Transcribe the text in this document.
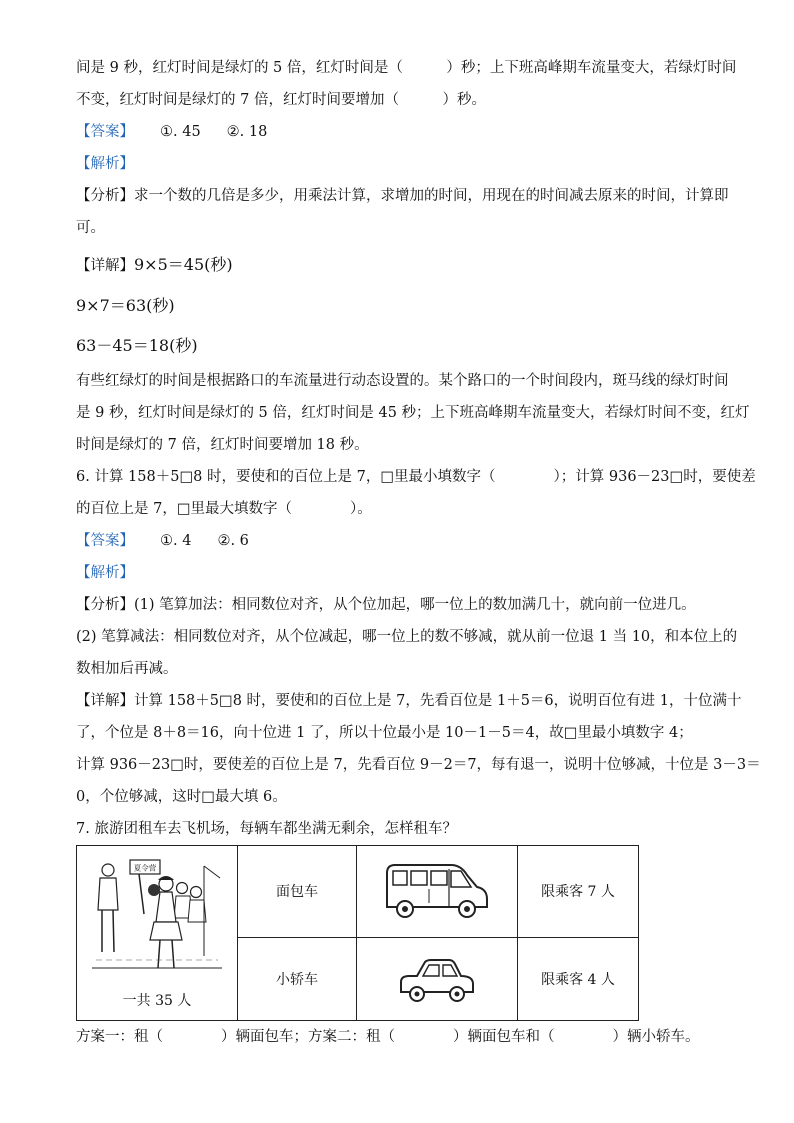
间是 9 秒，红灯时间是绿灯的 5 倍，红灯时间是（　　　）秒；上下班高峰期车流量变大，若绿灯时间
不变，红灯时间是绿灯的 7 倍，红灯时间要增加（　　　）秒。
【答案】 ①. 45 ②. 18
【解析】
【分析】求一个数的几倍是多少，用乘法计算，求增加的时间，用现在的时间减去原来的时间，计算即
可。
【详解】9×5＝45(秒)
9×7＝63(秒)
63－45＝18(秒)
有些红绿灯的时间是根据路口的车流量进行动态设置的。某个路口的一个时间段内，斑马线的绿灯时间
是 9 秒，红灯时间是绿灯的 5 倍，红灯时间是 45 秒；上下班高峰期车流量变大，若绿灯时间不变，红灯
时间是绿灯的 7 倍，红灯时间要增加 18 秒。
6. 计算 158＋5□8 时，要使和的百位上是 7，□里最小填数字（　　　　）；计算 936－23□时，要使差
的百位上是 7，□里最大填数字（　　　　）。
【答案】 ①. 4 ②. 6
【解析】
【分析】(1) 笔算加法：相同数位对齐，从个位加起，哪一位上的数加满几十，就向前一位进几。
(2) 笔算减法：相同数位对齐，从个位减起，哪一位上的数不够减，就从前一位退 1 当 10，和本位上的
数相加后再减。
【详解】计算 158＋5□8 时，要使和的百位上是 7，先看百位是 1＋5＝6，说明百位有进 1，十位满十
了，个位是 8＋8＝16，向十位进 1 了，所以十位最小是 10－1－5＝4，故□里最小填数字 4；
计算 936－23□时，要使差的百位上是 7，先看百位 9－2＝7，每有退一，说明十位够减，十位是 3－3＝
0，个位够减，这时□最大填 6。
7. 旅游团租车去飞机场，每辆车都坐满无剩余，怎样租车？
夏令营
一共 35 人	面包车		限乘客 7 人
	小轿车		限乘客 4 人
方案一：租（　　　　）辆面包车；方案二：租（　　　　）辆面包车和（　　　　）辆小轿车。
